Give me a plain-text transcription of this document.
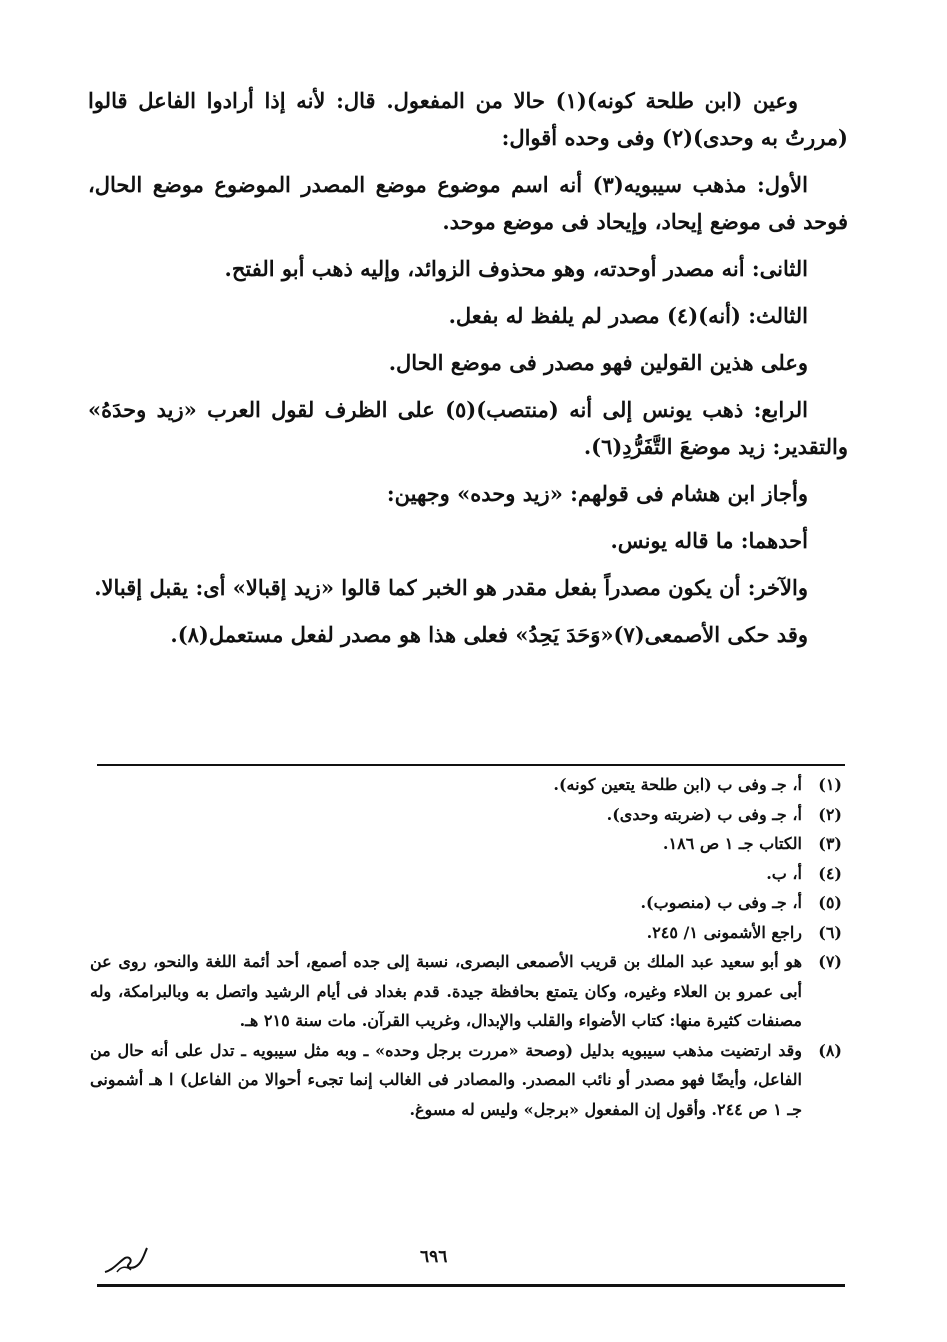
وعين (ابن طلحة كونه)(١) حالا من المفعول. قال: لأنه إذا أرادوا الفاعل قالوا (مررتُ به وحدى)(٢) وفى وحده أقوال:

الأول: مذهب سيبويه(٣) أنه اسم موضوع موضع المصدر الموضوع موضع الحال، فوحد فى موضع إيحاد، وإيحاد فى موضع موحد.

الثانى: أنه مصدر أوحدته، وهو محذوف الزوائد، وإليه ذهب أبو الفتح.

الثالث: (أنه)(٤) مصدر لم يلفظ له بفعل.

وعلى هذين القولين فهو مصدر فى موضع الحال.

الرابع: ذهب يونس إلى أنه (منتصب)(٥) على الظرف لقول العرب «زيد وحدَهُ» والتقدير: زيد موضعَ التَّفَرُّدِ(٦).

وأجاز ابن هشام فى قولهم: «زيد وحده» وجهين:

أحدهما: ما قاله يونس.

والآخر: أن يكون مصدراً بفعل مقدر هو الخبر كما قالوا «زيد إقبالا» أى: يقبل إقبالا.

وقد حكى الأصمعى(٧)«وَحَدَ يَحِدُ» فعلى هذا هو مصدر لفعل مستعمل(٨).

(١)
أ، جـ وفى ب (ابن طلحة يتعين كونه).
(٢)
أ، جـ وفى ب (ضربته وحدى).
(٣)
الكتاب جـ ١ ص ١٨٦.
(٤)
أ، ب.
(٥)
أ، جـ وفى ب (منصوب).
(٦)
راجع الأشمونى ١/ ٢٤٥.
(٧)
هو أبو سعيد عبد الملك بن قريب الأصمعى البصرى، نسبة إلى جده أصمع، أحد أئمة اللغة والنحو، روى عن أبى عمرو بن العلاء وغيره، وكان يتمتع بحافظة جيدة. قدم بغداد فى أيام الرشيد واتصل به وبالبرامكة، وله مصنفات كثيرة منها: كتاب الأضواء والقلب والإبدال، وغريب القرآن. مات سنة ٢١٥ هـ.
(٨)
وقد ارتضيت مذهب سيبويه بدليل (وصحة «مررت برجل وحده» ـ وبه مثل سيبويه ـ تدل على أنه حال من الفاعل، وأيضًا فهو مصدر أو نائب المصدر. والمصادر فى الغالب إنما تجىء أحوالا من الفاعل) ا هـ أشمونى جـ ١ ص ٢٤٤. وأقول إن المفعول «برجل» وليس له مسوغ.
٦٩٦
